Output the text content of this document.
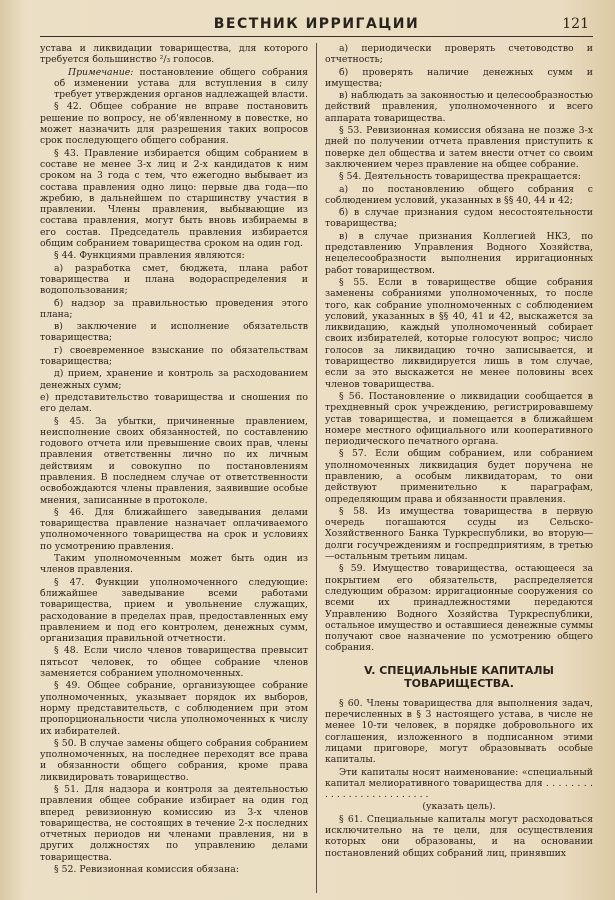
ВЕСТНИК ИРРИГАЦИИ	121

устава и ликвидации товарищества, для которого требуется большинство ²/₃ голосов.

Примечание: постановление общего собрания об изменении устава для вступления в силу требует утверждения органов надлежащей власти.

§ 42. Общее собрание не вправе постановить решение по вопросу, не об'явленному в повестке, но может назначить для разрешения таких вопросов срок последующего общего собрания.

§ 43. Правление избирается общим собранием в составе не менее 3-х лиц и 2-х кандидатов к ним сроком на 3 года с тем, что ежегодно выбывает из состава правления одно лицо: первые два года—по жребию, в дальнейшем по старшинству участия в правлении. Члены правления, выбывающие из состава правления, могут быть вновь избираемы в его состав. Председатель правления избирается общим собранием товарищества сроком на один год.

§ 44. Функциями правления являются:

а) разработка смет, бюджета, плана работ товарищества и плана водораспределения и водопользования;

б) надзор за правильностью проведения этого плана;

в) заключение и исполнение обязательств товарищества;

г) своевременное взыскание по обязательствам товарищества;

д) прием, хранение и контроль за расходованием денежных сумм;

е) представительство товарищества и сношения по его делам.

§ 45. За убытки, причиненные правлением, неисполнение своих обязанностей, по составлению годового отчета или превышение своих прав, члены правления ответственны лично по их личным действиям и совокупно по постановлениям правления. В последнем случае от ответственности освобождаются члены правления, заявившие особые мнения, записанные в протоколе.

§ 46. Для ближайшего заведывания делами товарищества правление назначает оплачиваемого уполномоченного товарищества на срок и условиях по усмотрению правления.

Таким уполномоченным может быть один из членов правления.

§ 47. Функции уполномоченного следующие: ближайшее заведывание всеми работами товарищества, прием и увольнение служащих, расходование в пределах прав, предоставленных ему правлением и под его контролем, денежных сумм, организация правильной отчетности.

§ 48. Если число членов товарищества превысит пятьсот человек, то общее собрание членов заменяется собранием уполномоченных.

§ 49. Общее собрание, организующее собрание уполномоченных, указывает порядок их выборов, норму представительств, с соблюдением при этом пропорциональности числа уполномоченных к числу их избирателей.

§ 50. В случае замены общего собрания собранием уполномоченных, на последнее переходят все права и обязанности общего собрания, кроме права ликвидировать товарищество.

§ 51. Для надзора и контроля за деятельностью правления общее собрание избирает на один год вперед ревизионную комиссию из 3-х членов товарищества, не состоящих в течение 2-х последних отчетных периодов ни членами правления, ни в других должностях по управлению делами товарищества.

§ 52. Ревизионная комиссия обязана:

а) периодически проверять счетоводство и отчетность;

б) проверять наличие денежных сумм и имущества;

в) наблюдать за законностью и целесообразностью действий правления, уполномоченного и всего аппарата товарищества.

§ 53. Ревизионная комиссия обязана не позже 3-х дней по получении отчета правления приступить к поверке дел общества и затем внести отчет со своим заключением через правление на общее собрание.

§ 54. Деятельность товарищества прекращается:

а) по постановлению общего собрания с соблюдением условий, указанных в §§ 40, 44 и 42;

б) в случае признания судом несостоятельности товарищества;

в) в случае признания Коллегией НКЗ, по представлению Управления Водного Хозяйства, нецелесообразности выполнения ирригационных работ товариществом.

§ 55. Если в товариществе общие собрания заменены собраниями уполномоченных, то после того, как собрание уполномоченных с соблюдением условий, указанных в §§ 40, 41 и 42, выскажется за ликвидацию, каждый уполномоченный собирает своих избирателей, которые голосуют вопрос; число голосов за ликвидацию точно записывается, и товарищество ликвидируется лишь в том случае, если за это выскажется не менее половины всех членов товарищества.

§ 56. Постановление о ликвидации сообщается в трехдневный срок учреждению, регистрировавшему устав товарищества, и помещается в ближайшем номере местного официального или кооперативного периодического печатного органа.

§ 57. Если общим собранием, или собранием уполномоченных ликвидация будет поручена не правлению, а особым ликвидаторам, то они действуют применительно к параграфам, определяющим права и обязанности правления.

§ 58. Из имущества товарищества в первую очередь погашаются ссуды из Сельско-Хозяйственного Банка Туркреспублики, во вторую—долги госучреждениям и госпредприятиям, в третью—остальным третьим лицам.

§ 59. Имущество товарищества, остающееся за покрытием его обязательств, распределяется следующим образом: ирригационные сооружения со всеми их принадлежностями передаются Управлению Водного Хозяйства Туркреспублики, остальное имущество и оставшиеся денежные суммы получают свое назначение по усмотрению общего собрания.

V. СПЕЦИАЛЬНЫЕ КАПИТАЛЫ ТОВАРИЩЕСТВА.

§ 60. Члены товарищества для выполнения задач, перечисленных в § 3 настоящего устава, в числе не менее 10-ти человек, в порядке добровольного их соглашения, изложенного в подписанном этими лицами приговоре, могут образовывать особые капиталы.

Эти капиталы носят наименование: «специальный капитал мелиоративного товарищества для . . . . . . . . . . . . . . . . . . . . . . . . . .

(указать цель).

§ 61. Специальные капиталы могут расходоваться исключительно на те цели, для осуществления которых они образованы, и на основании постановлений общих собраний лиц, принявших
